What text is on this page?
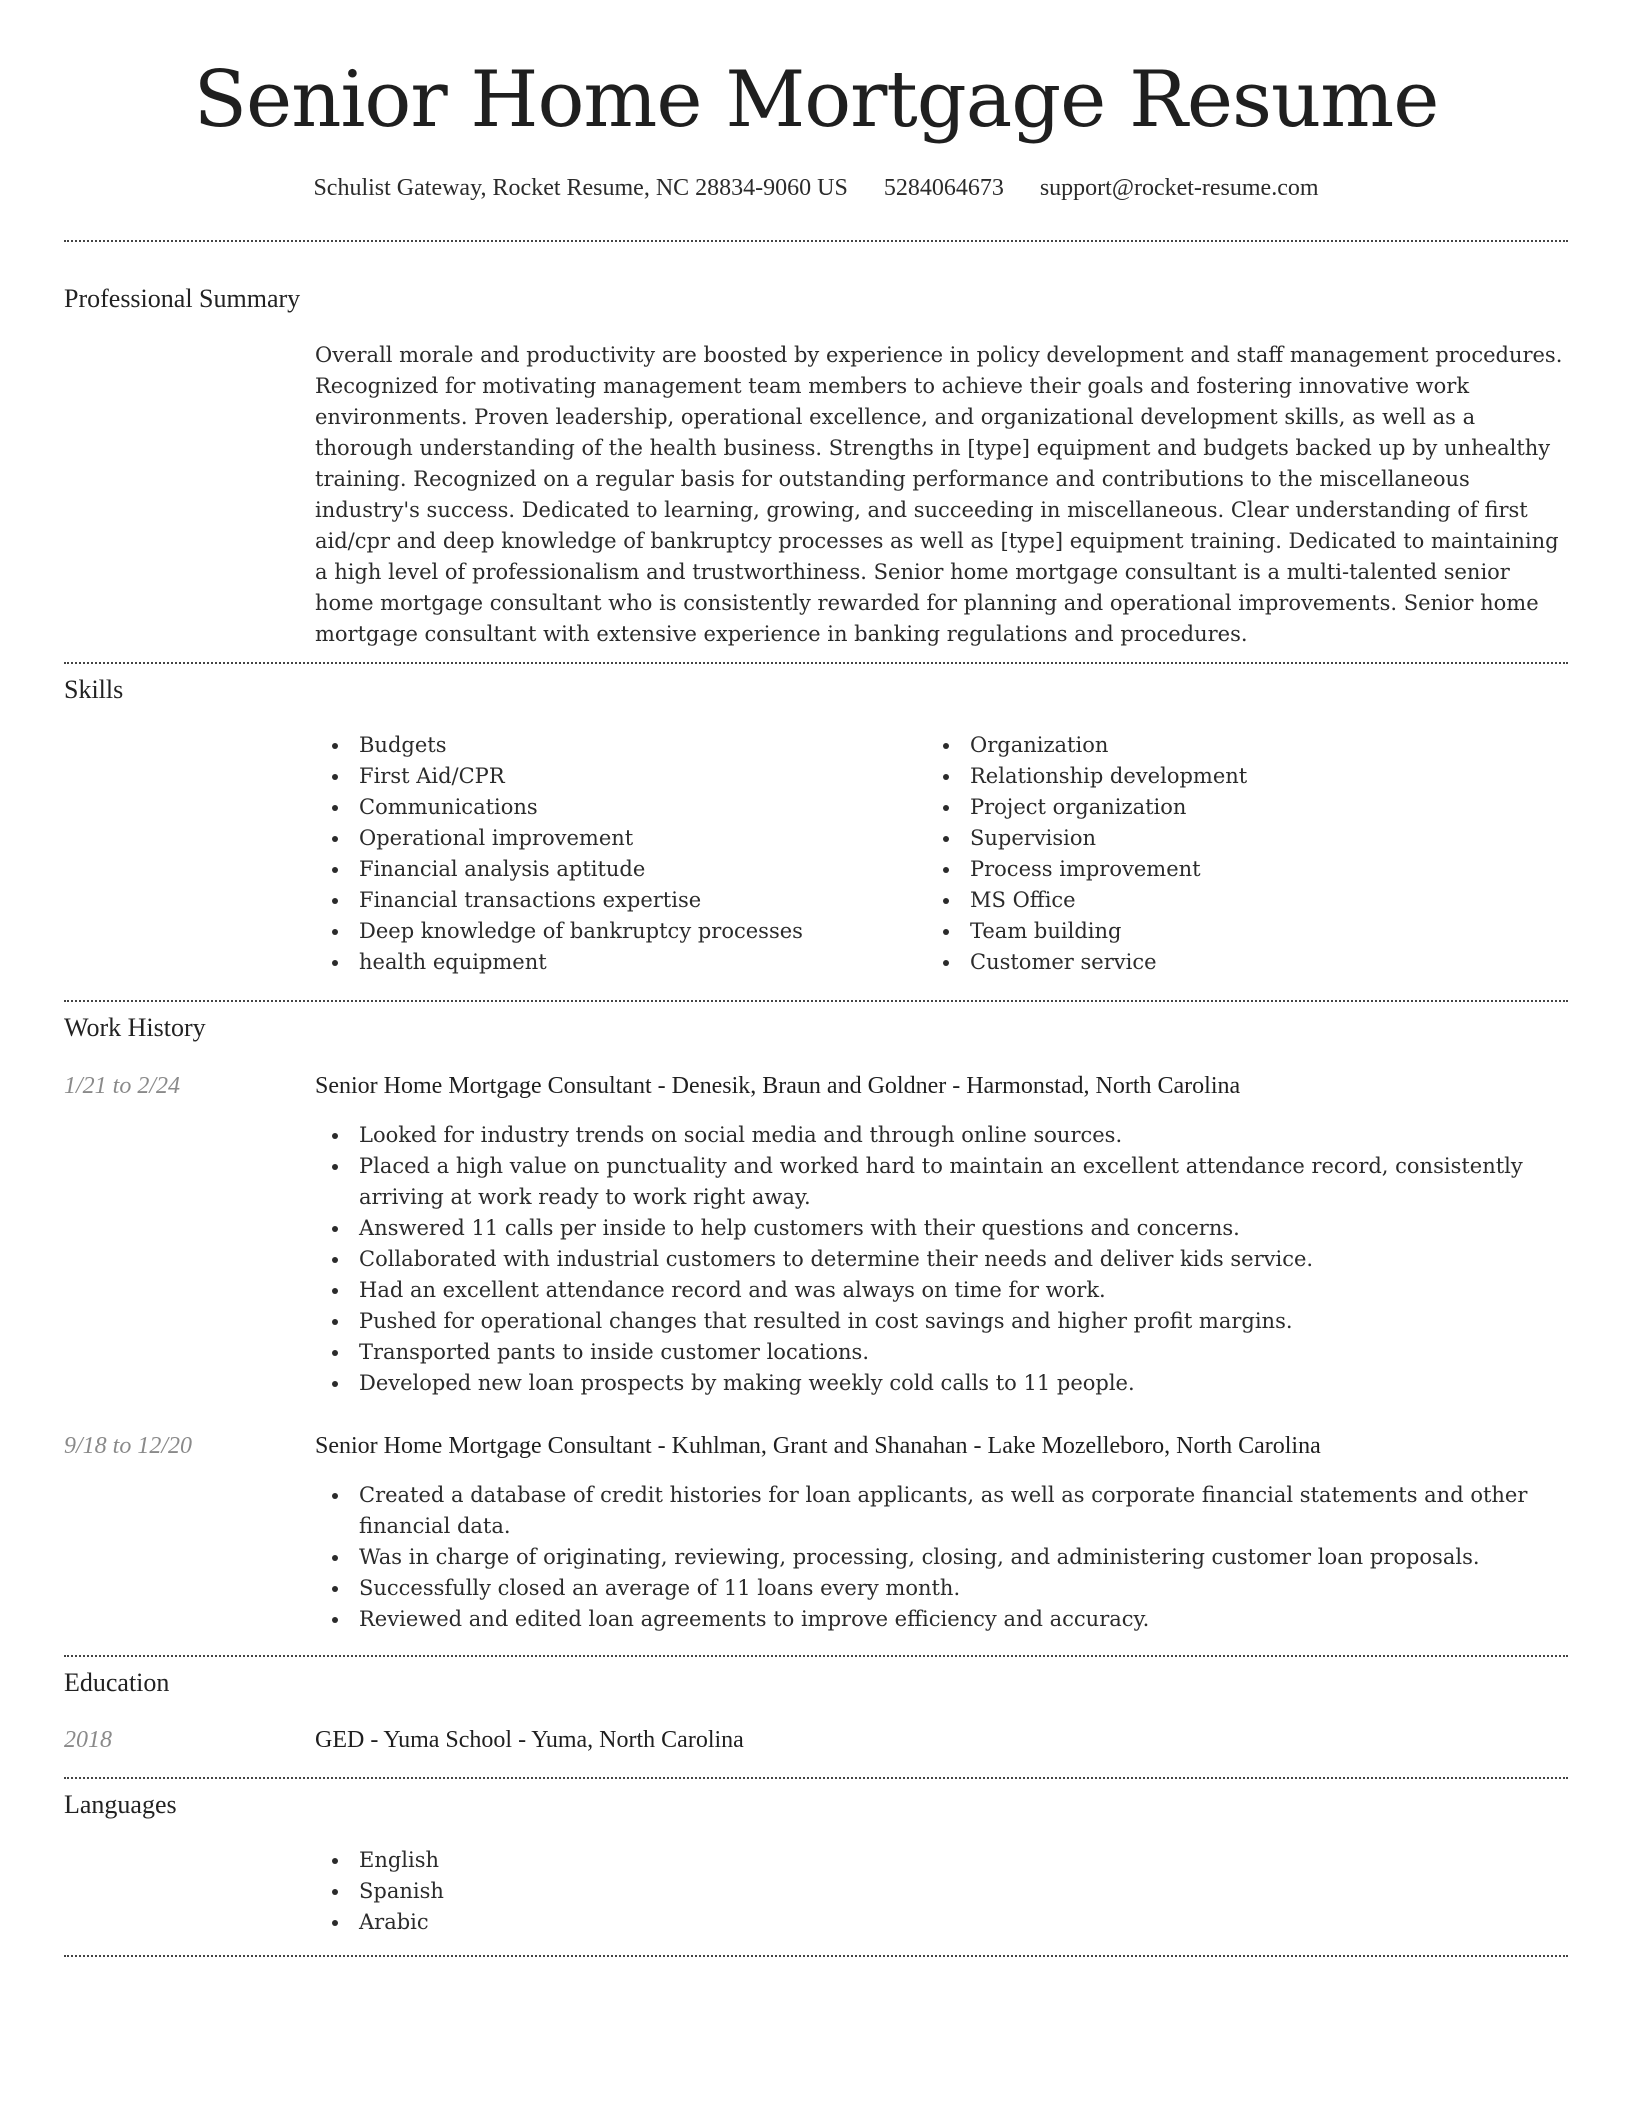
Senior Home Mortgage Resume
Schulist Gateway, Rocket Resume, NC 28834-9060 US 5284064673 support@rocket-resume.com
Professional Summary
Overall morale and productivity are boosted by experience in policy development and staff management procedures. Recognized for motivating management team members to achieve their goals and fostering innovative work environments. Proven leadership, operational excellence, and organizational development skills, as well as a thorough understanding of the health business. Strengths in [type] equipment and budgets backed up by unhealthy training. Recognized on a regular basis for outstanding performance and contributions to the miscellaneous industry's success. Dedicated to learning, growing, and succeeding in miscellaneous. Clear understanding of first aid/cpr and deep knowledge of bankruptcy processes as well as [type] equipment training. Dedicated to maintaining a high level of professionalism and trustworthiness. Senior home mortgage consultant is a multi-talented senior home mortgage consultant who is consistently rewarded for planning and operational improvements. Senior home mortgage consultant with extensive experience in banking regulations and procedures.
Skills
Budgets
First Aid/CPR
Communications
Operational improvement
Financial analysis aptitude
Financial transactions expertise
Deep knowledge of bankruptcy processes
health equipment
Organization
Relationship development
Project organization
Supervision
Process improvement
MS Office
Team building
Customer service
Work History
1/21 to 2/24	Senior Home Mortgage Consultant - Denesik, Braun and Goldner - Harmonstad, North Carolina
Looked for industry trends on social media and through online sources.
Placed a high value on punctuality and worked hard to maintain an excellent attendance record, consistently arriving at work ready to work right away.
Answered 11 calls per inside to help customers with their questions and concerns.
Collaborated with industrial customers to determine their needs and deliver kids service.
Had an excellent attendance record and was always on time for work.
Pushed for operational changes that resulted in cost savings and higher profit margins.
Transported pants to inside customer locations.
Developed new loan prospects by making weekly cold calls to 11 people.
9/18 to 12/20	Senior Home Mortgage Consultant - Kuhlman, Grant and Shanahan - Lake Mozelleboro, North Carolina
Created a database of credit histories for loan applicants, as well as corporate financial statements and other financial data.
Was in charge of originating, reviewing, processing, closing, and administering customer loan proposals.
Successfully closed an average of 11 loans every month.
Reviewed and edited loan agreements to improve efficiency and accuracy.
Education
2018	GED - Yuma School - Yuma, North Carolina
Languages
English
Spanish
Arabic
